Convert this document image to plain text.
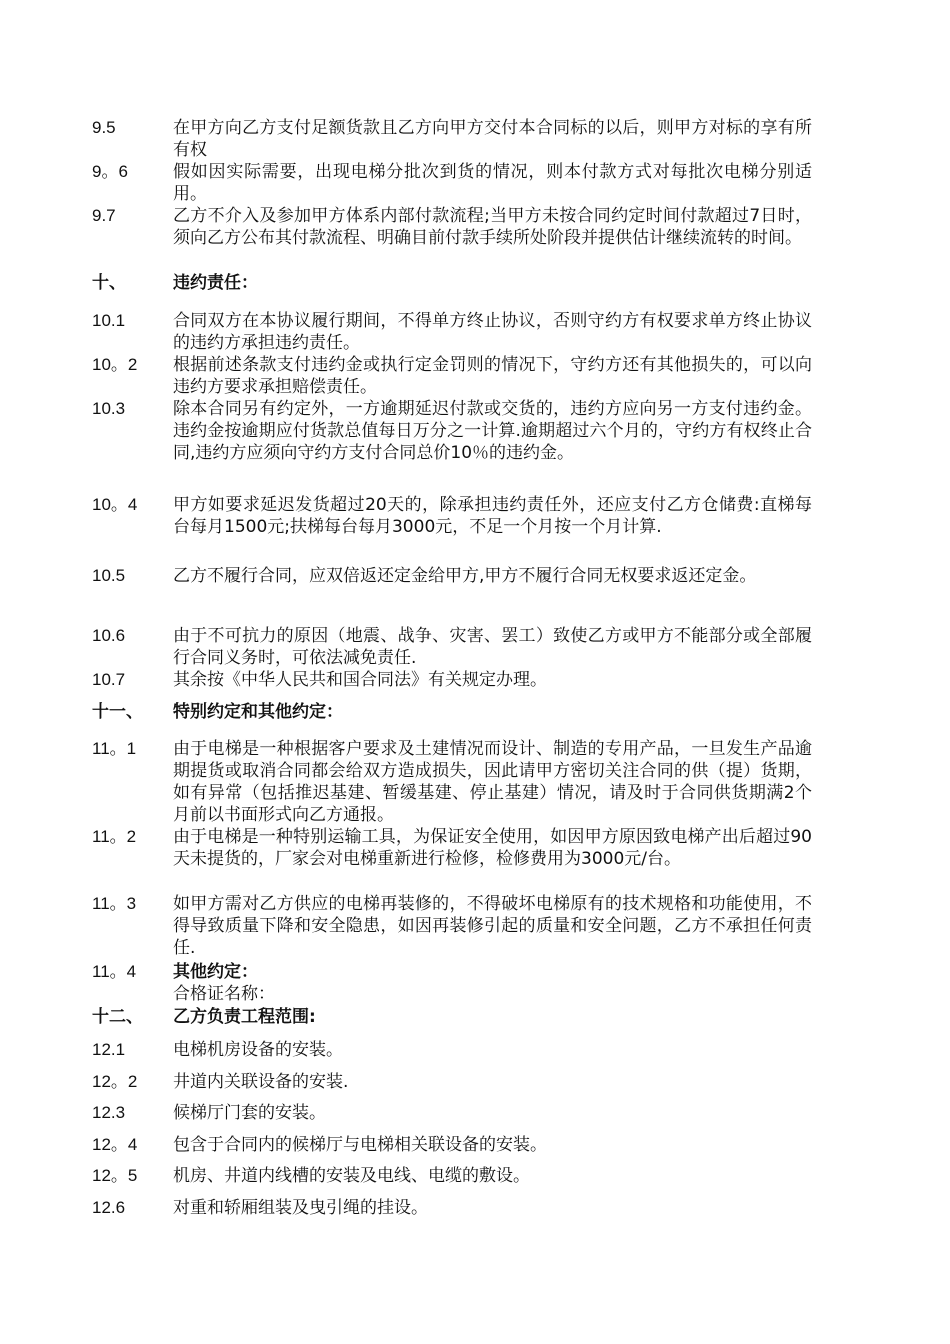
9.5	在甲方向乙方支付足额货款且乙方向甲方交付本合同标的以后，则甲方对标的享有所有权
9。6	假如因实际需要，出现电梯分批次到货的情况，则本付款方式对每批次电梯分别适用。
9.7	乙方不介入及参加甲方体系内部付款流程;当甲方未按合同约定时间付款超过7日时，须向乙方公布其付款流程、明确目前付款手续所处阶段并提供估计继续流转的时间。
十、	违约责任：
10.1	合同双方在本协议履行期间，不得单方终止协议，否则守约方有权要求单方终止协议的违约方承担违约责任。
10。2	根据前述条款支付违约金或执行定金罚则的情况下，守约方还有其他损失的，可以向违约方要求承担赔偿责任。
10.3	除本合同另有约定外，一方逾期延迟付款或交货的，违约方应向另一方支付违约金。违约金按逾期应付货款总值每日万分之一计算.逾期超过六个月的，守约方有权终止合同,违约方应须向守约方支付合同总价10％的违约金。
10。4	甲方如要求延迟发货超过20天的，除承担违约责任外，还应支付乙方仓储费:直梯每台每月1500元;扶梯每台每月3000元，不足一个月按一个月计算.
10.5	乙方不履行合同，应双倍返还定金给甲方,甲方不履行合同无权要求返还定金。
10.6	由于不可抗力的原因（地震、战争、灾害、罢工）致使乙方或甲方不能部分或全部履行合同义务时，可依法减免责任.
10.7	其余按《中华人民共和国合同法》有关规定办理。
十一、	特别约定和其他约定：
11。1	由于电梯是一种根据客户要求及土建情况而设计、制造的专用产品，一旦发生产品逾期提货或取消合同都会给双方造成损失，因此请甲方密切关注合同的供（提）货期，如有异常（包括推迟基建、暂缓基建、停止基建）情况，请及时于合同供货期满2个月前以书面形式向乙方通报。
11。2	由于电梯是一种特别运输工具，为保证安全使用，如因甲方原因致电梯产出后超过90天未提货的，厂家会对电梯重新进行检修，检修费用为3000元/台。
11。3	如甲方需对乙方供应的电梯再装修的，不得破坏电梯原有的技术规格和功能使用，不得导致质量下降和安全隐患，如因再装修引起的质量和安全问题，乙方不承担任何责任.
11。4	其他约定：
合格证名称：
十二、	乙方负责工程范围:
12.1	电梯机房设备的安装。
12。2	井道内关联设备的安装.
12.3	候梯厅门套的安装。
12。4	包含于合同内的候梯厅与电梯相关联设备的安装。
12。5	机房、井道内线槽的安装及电线、电缆的敷设。
12.6	对重和轿厢组装及曳引绳的挂设。
